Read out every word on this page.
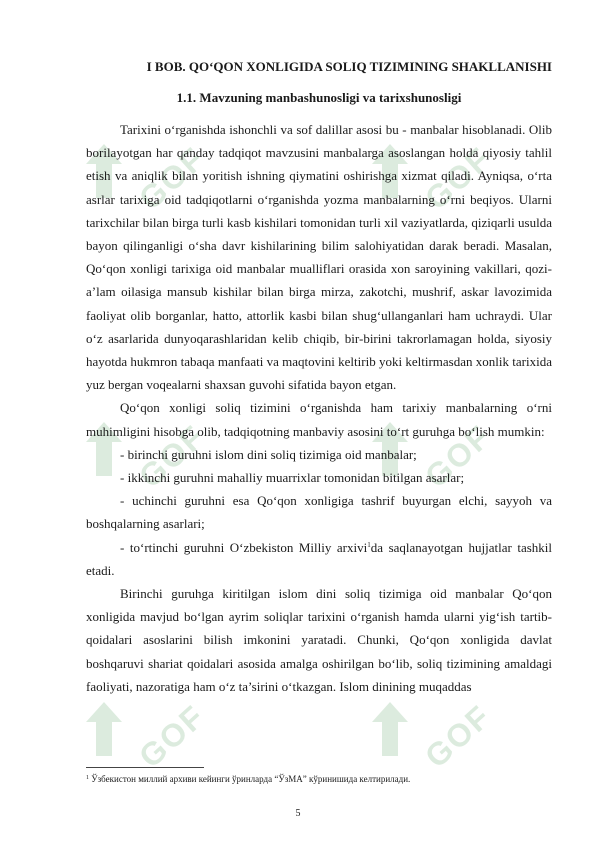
GOF	GOF
GOF	GOF
GOF	GOF
I BOB. QO‘QON XONLIGIDA SOLIQ TIZIMINING SHAKLLANISHI
1.1. Mavzuning manbashunosligi va tarixshunosligi

Tarixini o‘rganishda ishonchli va sof dalillar asosi bu - manbalar hisoblanadi. Olib borilayotgan har qanday tadqiqot mavzusini manbalarga asoslangan holda qiyosiy tahlil etish va aniqlik bilan yoritish ishning qiymatini oshirishga xizmat qiladi. Ayniqsa, o‘rta asrlar tarixiga oid tadqiqotlarni o‘rganishda yozma manbalarning o‘rni beqiyos. Ularni tarixchilar bilan birga turli kasb kishilari tomonidan turli xil vaziyatlarda, qiziqarli usulda bayon qilinganligi o‘sha davr kishilarining bilim salohiyatidan darak beradi. Masalan, Qo‘qon xonligi tarixiga oid manbalar mualliflari orasida xon saroyining vakillari, qozi-a’lam oilasiga mansub kishilar bilan birga mirza, zakotchi, mushrif, askar lavozimida faoliyat olib borganlar, hatto, attorlik kasbi bilan shug‘ullanganlari ham uchraydi. Ular o‘z asarlarida dunyoqarashlaridan kelib chiqib, bir-birini takrorlamagan holda, siyosiy hayotda hukmron tabaqa manfaati va maqtovini keltirib yoki keltirmasdan xonlik tarixida yuz bergan voqealarni shaxsan guvohi sifatida bayon etgan.

Qo‘qon xonligi soliq tizimini o‘rganishda ham tarixiy manbalarning o‘rni muhimligini hisobga olib, tadqiqotning manbaviy asosini to‘rt guruhga bo‘lish mumkin:

- birinchi guruhni islom dini soliq tizimiga oid manbalar;

- ikkinchi guruhni mahalliy muarrixlar tomonidan bitilgan asarlar;

- uchinchi guruhni esa Qo‘qon xonligiga tashrif buyurgan elchi, sayyoh va boshqalarning asarlari;

- to‘rtinchi guruhni O‘zbekiston Milliy arxivi$^1$da saqlanayotgan hujjatlar tashkil etadi.

Birinchi guruhga kiritilgan islom dini soliq tizimiga oid manbalar Qo‘qon xonligida mavjud bo‘lgan ayrim soliqlar tarixini o‘rganish hamda ularni yig‘ish tartib-qoidalari asoslarini bilish imkonini yaratadi. Chunki, Qo‘qon xonligida davlat boshqaruvi shariat qoidalari asosida amalga oshirilgan bo‘lib, soliq tizimining amaldagi faoliyati, nazoratiga ham o‘z ta’sirini o‘tkazgan. Islom dinining muqaddas

$^1$ Ўзбекистон миллий архиви кейинги ўринларда “ЎзМА” кўринишида келтирилади.
5
